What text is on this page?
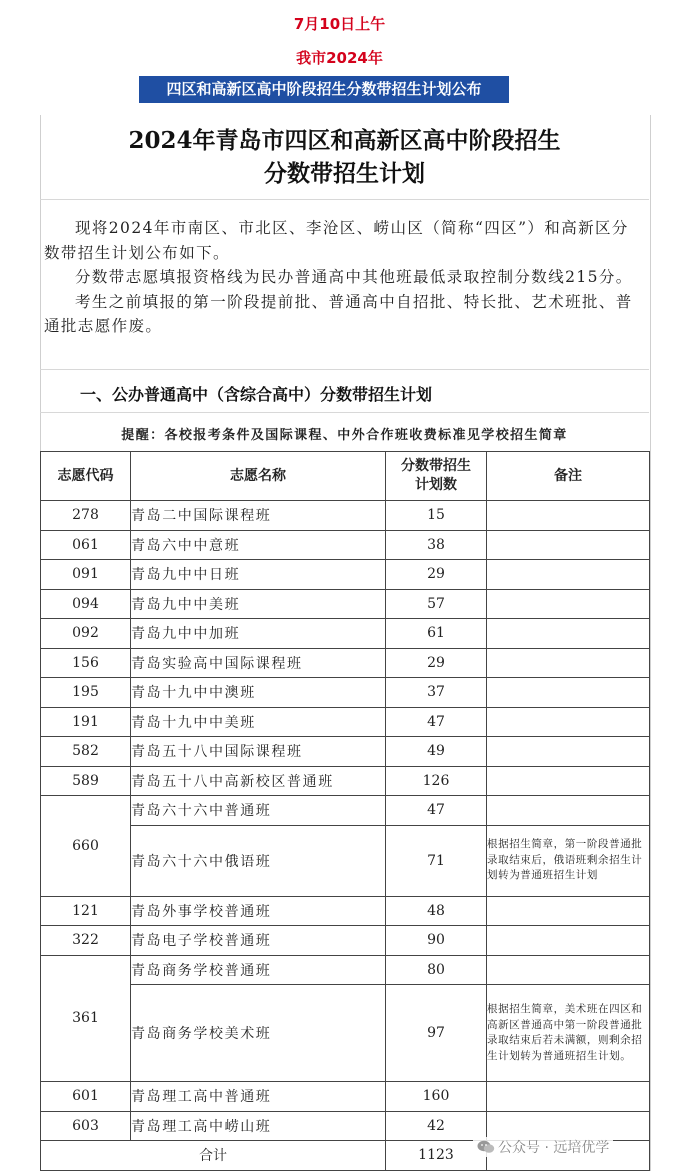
7月10日上午
我市2024年
四区和高新区高中阶段招生分数带招生计划公布
2024年青岛市四区和高新区高中阶段招生
分数带招生计划

现将2024年市南区、市北区、李沧区、崂山区（简称“四区”）和高新区分数带招生计划公布如下。

分数带志愿填报资格线为民办普通高中其他班最低录取控制分数线215分。

考生之前填报的第一阶段提前批、普通高中自招批、特长批、艺术班批、普通批志愿作废。

一、公办普通高中（含综合高中）分数带招生计划
提醒：各校报考条件及国际课程、中外合作班收费标准见学校招生简章
志愿代码	志愿名称	分数带招生
计划数	备注
278	青岛二中国际课程班	15	
061	青岛六中中意班	38	
091	青岛九中中日班	29	
094	青岛九中中美班	57	
092	青岛九中中加班	61	
156	青岛实验高中国际课程班	29	
195	青岛十九中中澳班	37	
191	青岛十九中中美班	47	
582	青岛五十八中国际课程班	49	
589	青岛五十八中高新校区普通班	126	
660	青岛六十六中普通班	47	
	青岛六十六中俄语班	71	根据招生简章，第一阶段普通批录取结束后，俄语班剩余招生计划转为普通班招生计划
121	青岛外事学校普通班	48	
322	青岛电子学校普通班	90	
361	青岛商务学校普通班	80	
	青岛商务学校美术班	97	根据招生简章，美术班在四区和高新区普通高中第一阶段普通批录取结束后若未满额，则剩余招生计划转为普通班招生计划。
601	青岛理工高中普通班	160	
603	青岛理工高中崂山班	42	
合计		1123		公众号 · 远培优学
